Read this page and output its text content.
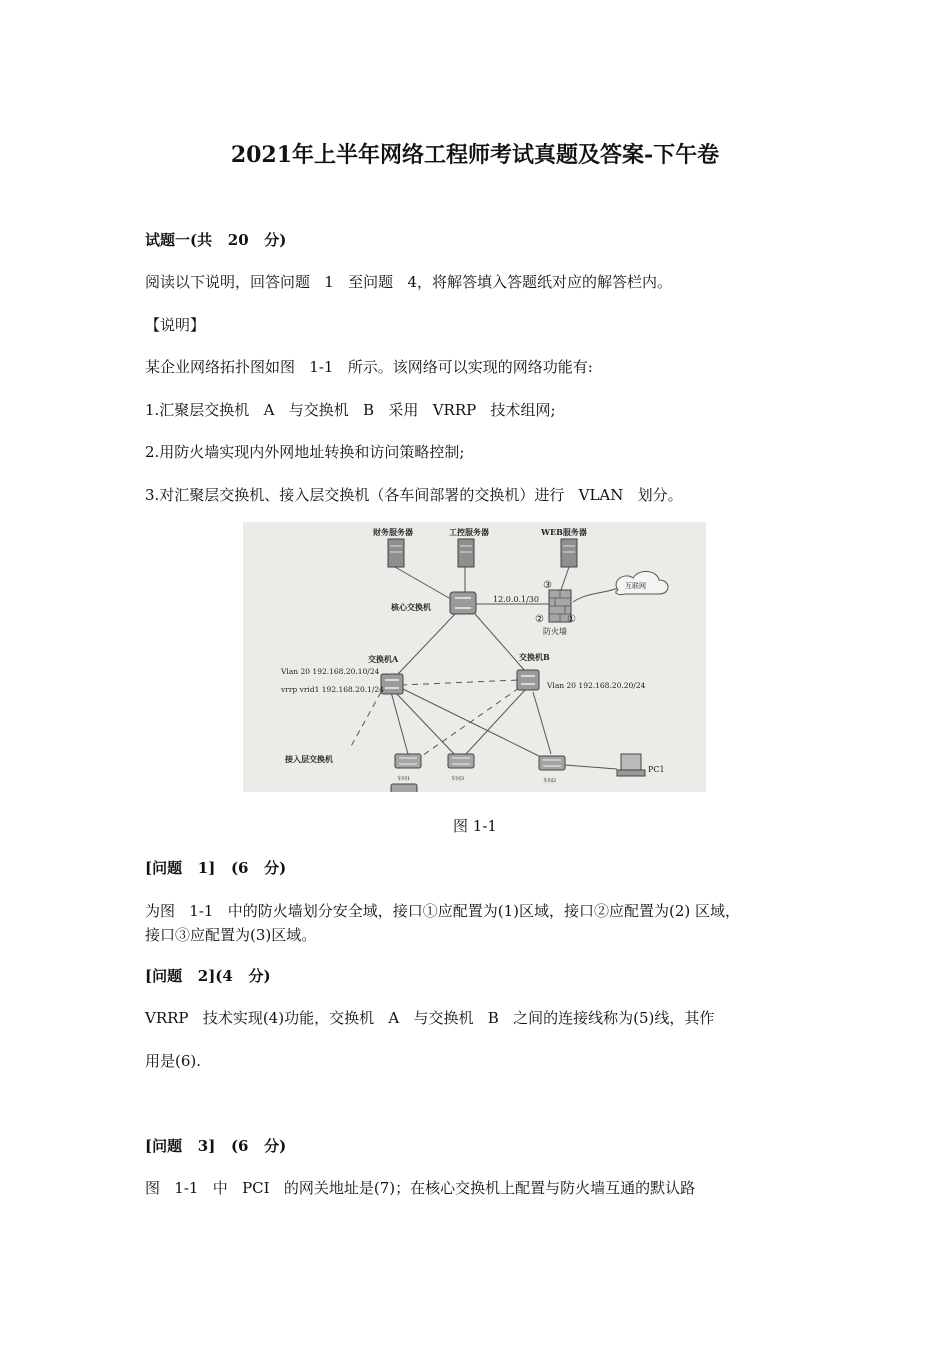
2021年上半年网络工程师考试真题及答案-下午卷
试题一(共   20   分)
阅读以下说明，回答问题   1   至问题   4，将解答填入答题纸对应的解答栏内。
【说明】
某企业网络拓扑图如图   1-1   所示。该网络可以实现的网络功能有:
1.汇聚层交换机   A   与交换机   B   采用   VRRP   技术组网;
2.用防火墙实现内外网地址转换和访问策略控制;
3.对汇聚层交换机、接入层交换机（各车间部署的交换机）进行   VLAN   划分。
财务服务器	工控服务器	WEB服务器
核心交换机
12.0.0.1/30
互联网
防火墙
交换机A	交换机B
Vlan 20 192.168.20.10/24
vrrp vrid1 192.168.20.1/24	Vlan 20 192.168.20.20/24
接入层交换机
车间1	车间3	车间2
PC1
①
②
③
图 1-1
[问题   1]   (6   分)
为图   1-1   中的防火墙划分安全域，接口①应配置为(1)区域，接口②应配置为(2) 区域，
接口③应配置为(3)区域。
[问题   2](4   分)
VRRP   技术实现(4)功能，交换机   A   与交换机   B   之间的连接线称为(5)线，其作
用是(6).
[问题   3]   (6   分)
图   1-1   中   PCI   的网关地址是(7)；在核心交换机上配置与防火墙互通的默认路
